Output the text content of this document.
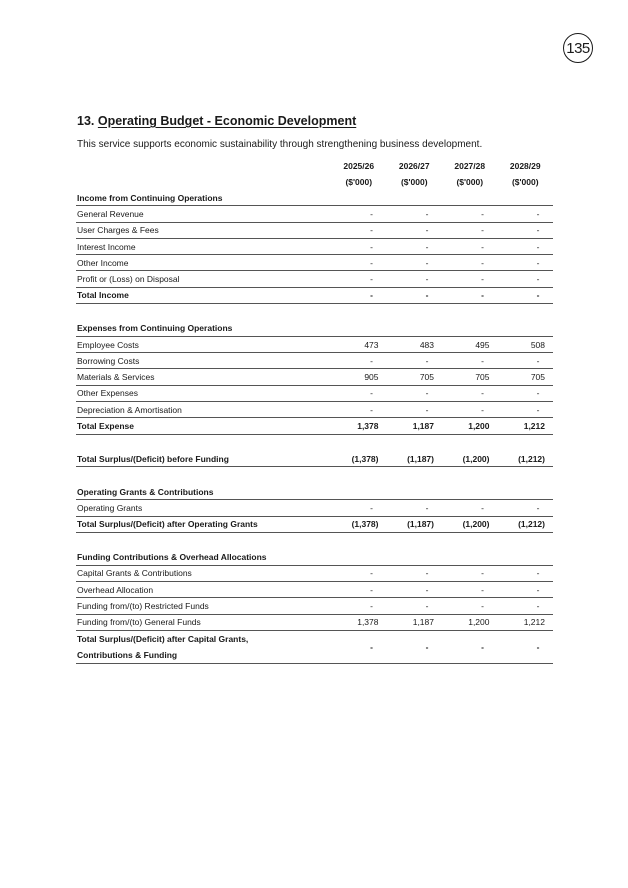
135
13. Operating Budget - Economic Development
This service supports economic sustainability through strengthening business development.
	2025/26	2026/27	2027/28	2028/29
	($'000)	($'000)	($'000)	($'000)
Income from Continuing Operations				
General Revenue	-	-	-	-
User Charges & Fees	-	-	-	-
Interest Income	-	-	-	-
Other Income	-	-	-	-
Profit or (Loss) on Disposal	-	-	-	-
Total Income	-	-	-	-

Expenses from Continuing Operations				
Employee Costs	473	483	495	508
Borrowing Costs	-	-	-	-
Materials & Services	905	705	705	705
Other Expenses	-	-	-	-
Depreciation & Amortisation	-	-	-	-
Total Expense	1,378	1,187	1,200	1,212

Total Surplus/(Deficit) before Funding	(1,378)	(1,187)	(1,200)	(1,212)

Operating Grants & Contributions				
Operating Grants	-	-	-	-
Total Surplus/(Deficit) after Operating Grants	(1,378)	(1,187)	(1,200)	(1,212)

Funding Contributions & Overhead Allocations				
Capital Grants & Contributions	-	-	-	-
Overhead Allocation	-	-	-	-
Funding from/(to) Restricted Funds	-	-	-	-
Funding from/(to) General Funds	1,378	1,187	1,200	1,212

Total Surplus/(Deficit) after Capital Grants,
Contributions & Funding	-	-	-	-
